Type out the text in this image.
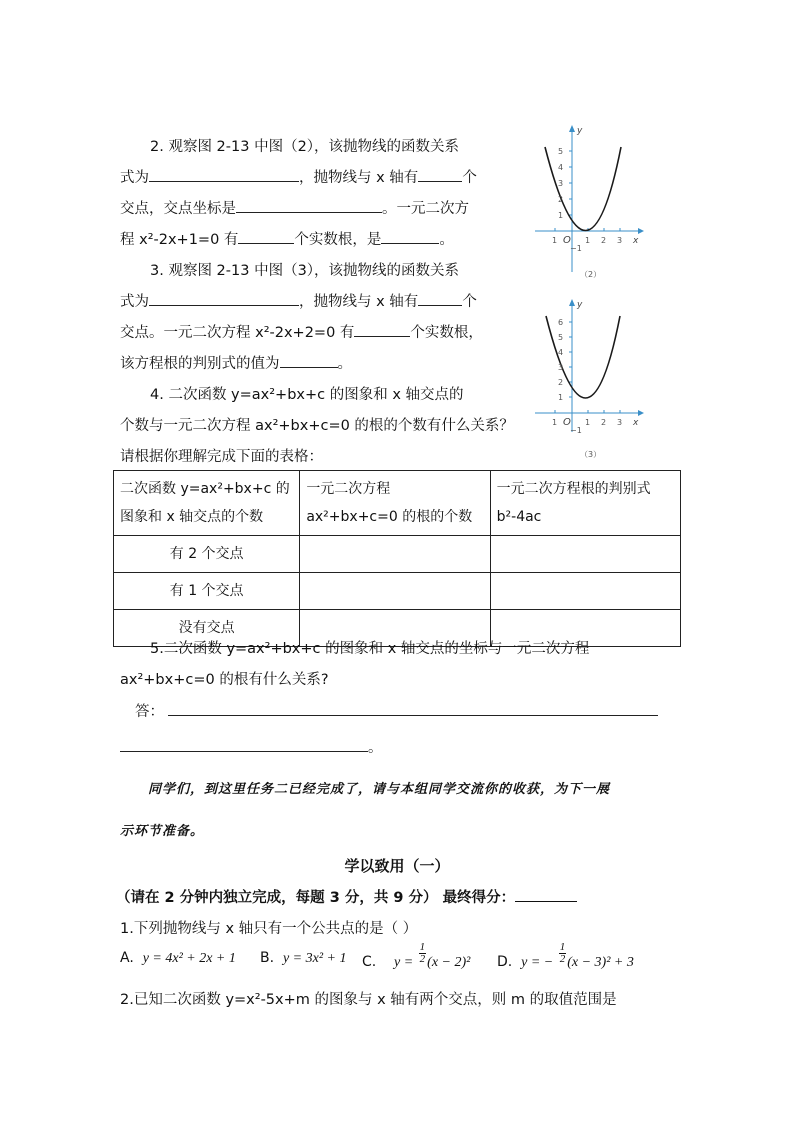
2. 观察图 2-13 中图（2），该抛物线的函数关系
式为	，抛物线与 x 轴有	个
交点，交点坐标是	。一元二次方
程 x²-2x+1=0 有	个实数根，是	。
3. 观察图 2-13 中图（3），该抛物线的函数关系
式为	，抛物线与 x 轴有	个
交点。一元二次方程 x²-2x+2=0 有	个实数根，
该方程根的判别式的值为	。
4. 二次函数 y=ax²+bx+c 的图象和 x 轴交点的
个数与一元二次方程 ax²+bx+c=0 的根的个数有什么关系？
请根据你理解完成下面的表格：
y
x
O
5
4
3
2
1
−1
1	1 2 3
（2）
y
x
O
6
5
4
3
2
1
−1
1	1 2 3
（3）
二次函数 y=ax²+bx+c 的图象和 x 轴交点的个数	一元二次方程 ax²+bx+c=0 的根的个数	一元二次方程根的判别式 b²-4ac
有 2 个交点		
有 1 个交点		
没有交点		
5.二次函数 y=ax²+bx+c 的图象和 x 轴交点的坐标与一元二次方程
ax²+bx+c=0 的根有什么关系?
答：
。
同学们，到这里任务二已经完成了，请与本组同学交流你的收获，为下一展
示环节准备。
学以致用（一）
（请在 2 分钟内独立完成，每题 3 分，共 9 分） 最终得分：
1.下列抛物线与 x 轴只有一个公共点的是（ ）
A. y = 4x² + 2x + 1 B. y = 3x² + 1 C. $y = \frac{1}{2} (x - 2)^2$ D. y = − $\frac{1}{2} (x - 3)^2 + 3$
2.已知二次函数 y=x²-5x+m 的图象与 x 轴有两个交点，则 m 的取值范围是
